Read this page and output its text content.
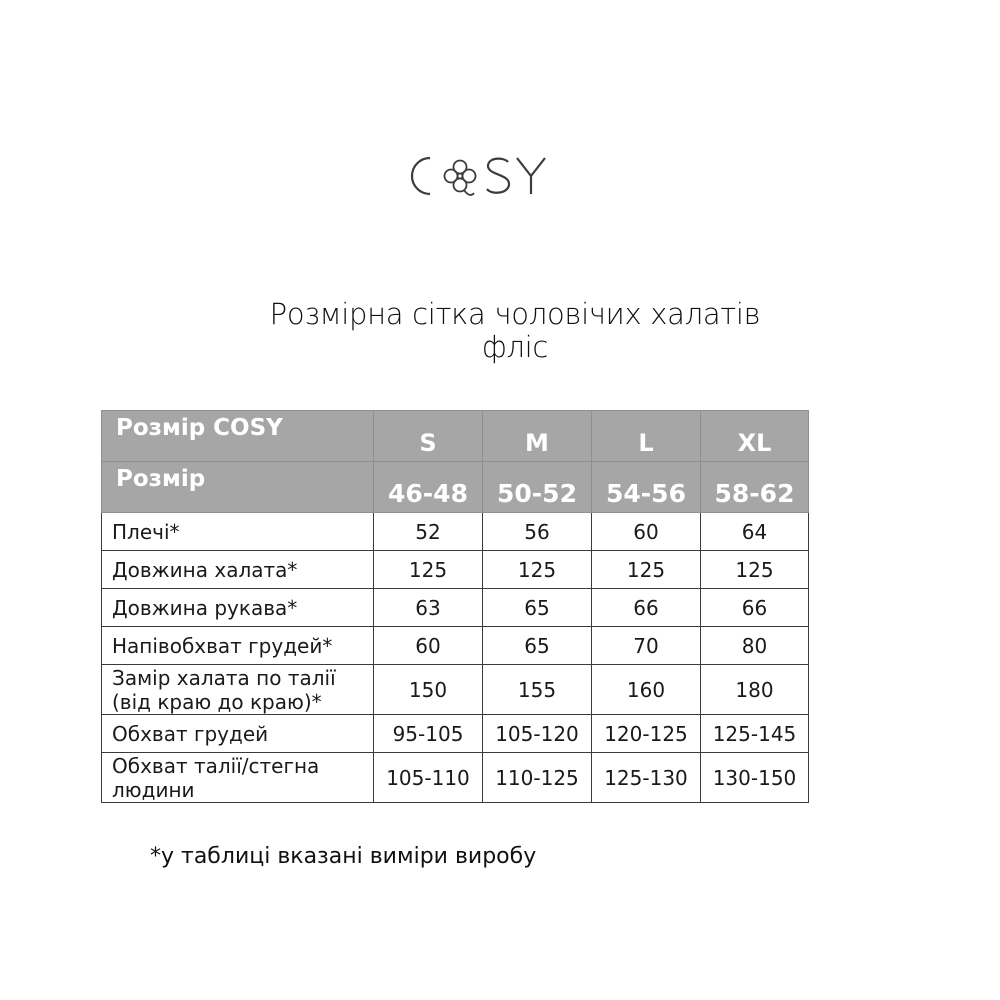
Розмірна сітка чоловічих халатів
фліс
Розмір COSY	S	M	L	XL
Розмір	46-48	50-52	54-56	58-62
Плечі*	52	56	60	64
Довжина халата*	125	125	125	125
Довжина рукава*	63	65	66	66
Напівобхват грудей*	60	65	70	80

Замір халата по талії
(від краю до краю)*	150	155	160	180
Обхват грудей	95-105	105-120	120-125	125-145

Обхват талії/стегна
людини	105-110	110-125	125-130	130-150
*у таблиці вказані виміри виробу
